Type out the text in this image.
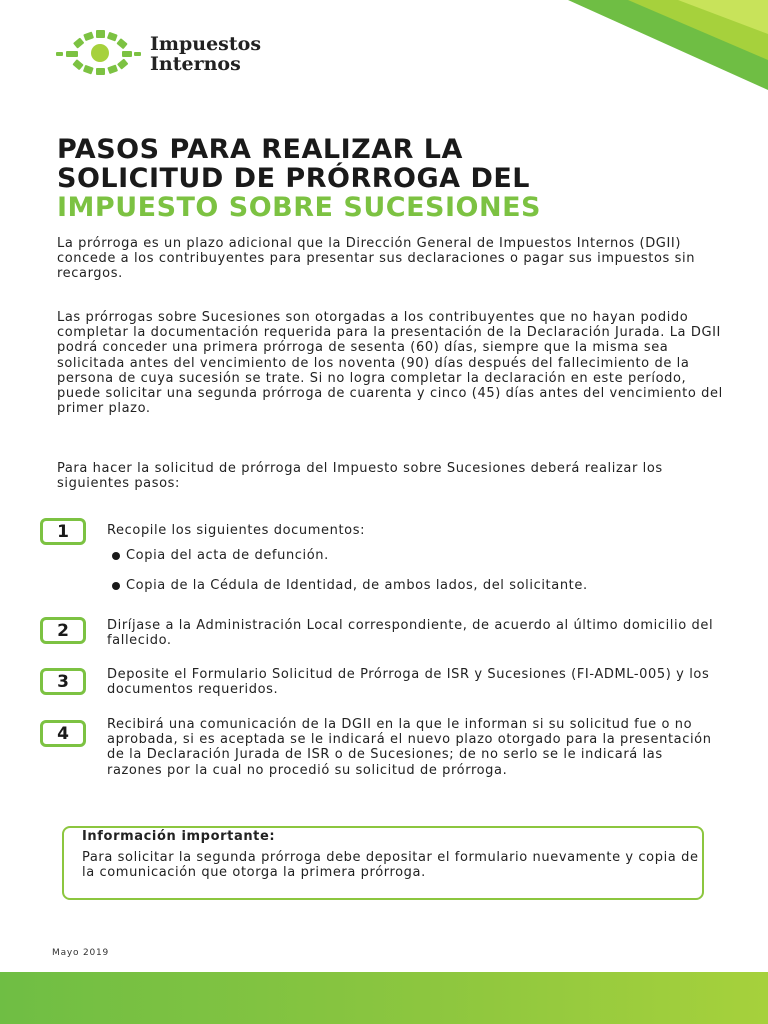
Impuestos
Internos
PASOS PARA REALIZAR LA
SOLICITUD DE PRÓRROGA DEL
IMPUESTO SOBRE SUCESIONES

La prórroga es un plazo adicional que la Dirección General de Impuestos Internos (DGII) concede a los contribuyentes para presentar sus declaraciones o pagar sus impuestos sin recargos.

Las prórrogas sobre Sucesiones son otorgadas a los contribuyentes que no hayan podido completar la documentación requerida para la presentación de la Declaración Jurada. La DGII podrá conceder una primera prórroga de sesenta (60) días, siempre que la misma sea solicitada antes del vencimiento de los noventa (90) días después del fallecimiento de la persona de cuya sucesión se trate. Si no logra completar la declaración en este período, puede solicitar una segunda prórroga de cuarenta y cinco (45) días antes del vencimiento del primer plazo.

Para hacer la solicitud de prórroga del Impuesto sobre Sucesiones deberá realizar los siguientes pasos:

1	Recopile los siguientes documentos:

Copia del acta de defunción.
Copia de la Cédula de Identidad, de ambos lados, del solicitante.
2	Diríjase a la Administración Local correspondiente, de acuerdo al último domicilio del fallecido.

3	Deposite el Formulario Solicitud de Prórroga de ISR y Sucesiones (FI-ADML-005) y los documentos requeridos.

4	Recibirá una comunicación de la DGII en la que le informan si su solicitud fue o no aprobada, si es aceptada se le indicará el nuevo plazo otorgado para la presentación de la Declaración Jurada de ISR o de Sucesiones; de no serlo se le indicará las razones por la cual no procedió su solicitud de prórroga.

Información importante:

Para solicitar la segunda prórroga debe depositar el formulario nuevamente y copia de la comunicación que otorga la primera prórroga.

Mayo 2019
